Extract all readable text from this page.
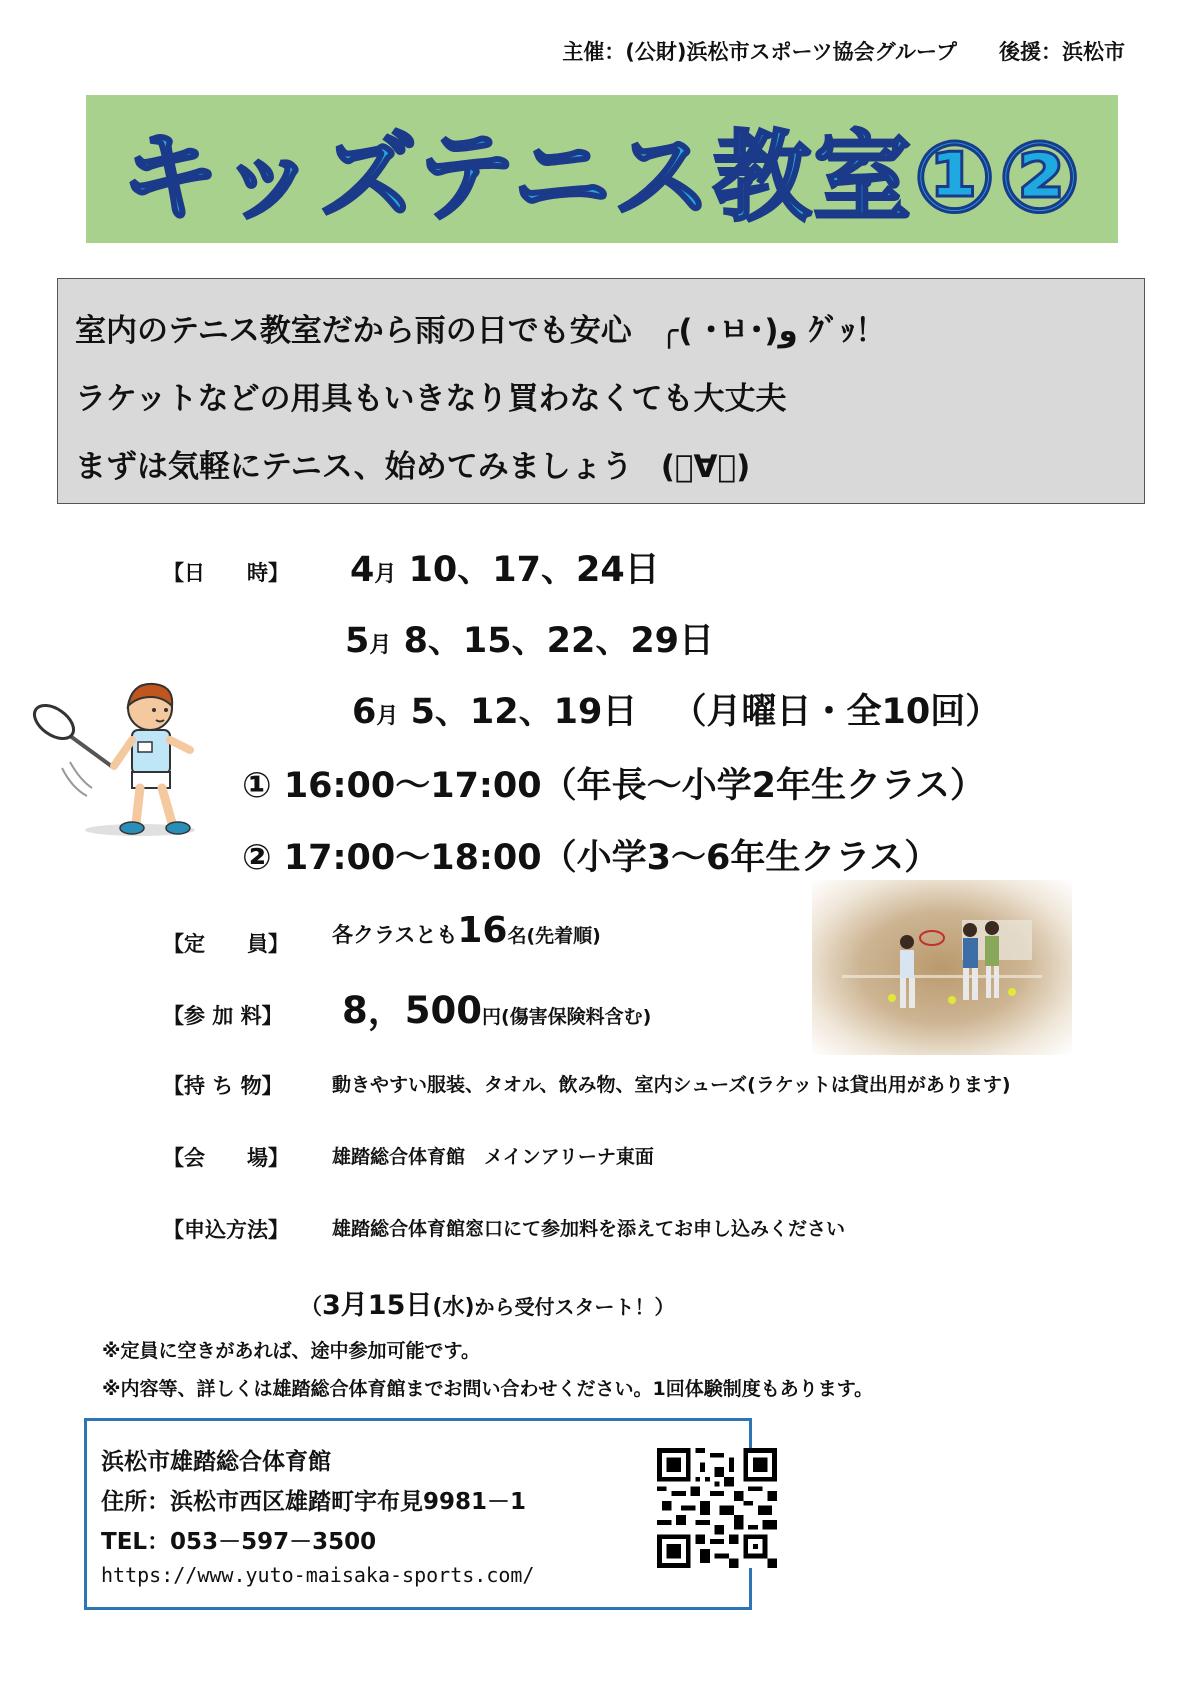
主催：(公財)浜松市スポーツ協会グループ　　後援：浜松市
キッズテニス教室①②
室内のテニス教室だから雨の日でも安心 ╭( ･ㅂ･)و ｸﾞｯ！
ラケットなどの用具もいきなり買わなくても大丈夫
まずは気軽にテニス、始めてみましょう (ﾟ∀ﾟ)
【日　　時】 4月 10、17、24日
5月 8、15、22、29日
6月 5、12、19日 （月曜日・全10回）
① 16:00～17:00（年長～小学2年生クラス）
② 17:00～18:00（小学3～6年生クラス）
【定　　員】 各クラスとも16名(先着順)
【参 加 料】 8，500円(傷害保険料含む)
【持 ち 物】	動きやすい服装、タオル、飲み物、室内シューズ(ラケットは貸出用があります)
【会　　場】 雄踏総合体育館　メインアリーナ東面
【申込方法】 雄踏総合体育館窓口にて参加料を添えてお申し込みください
（3月15日(水)から受付スタート！）
※定員に空きがあれば、途中参加可能です。
※内容等、詳しくは雄踏総合体育館までお問い合わせください。1回体験制度もあります。
浜松市雄踏総合体育館
住所：浜松市西区雄踏町宇布見9981－1
TEL：053－597－3500
https://www.yuto-maisaka-sports.com/
